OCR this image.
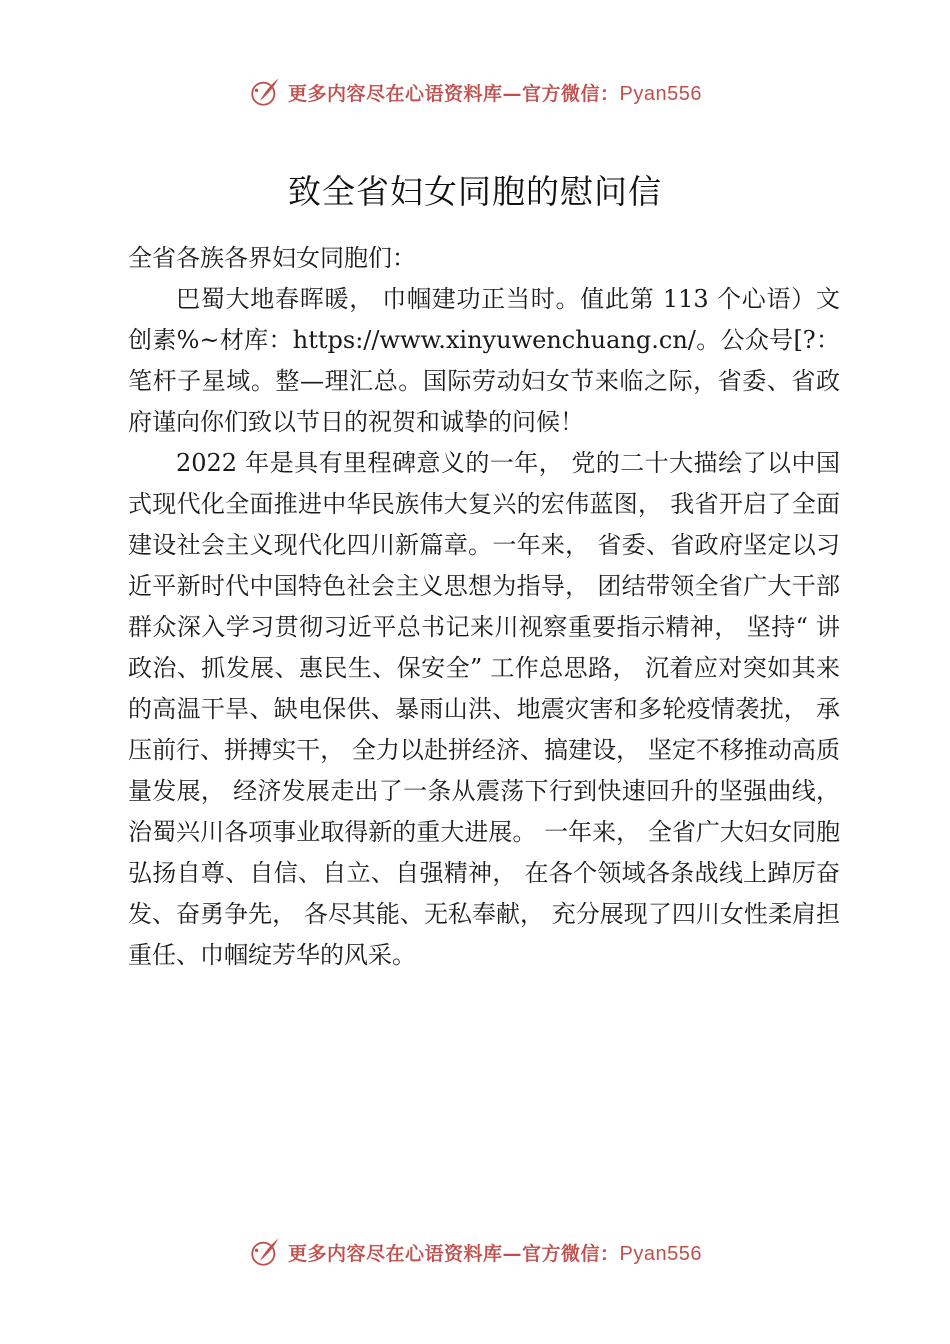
更多内容尽在心语资料库—官方微信：Pyan556
致全省妇女同胞的慰问信

全省各族各界妇女同胞们：

巴蜀大地春晖暖， 巾帼建功正当时。值此第 113 个心语）文创素%~材库：https://www.xinyuwenchuang.cn/。公众号[?：笔杆子星域。整—理汇总。国际劳动妇女节来临之际，省委、省政府谨向你们致以节日的祝贺和诚挚的问候！

2022 年是具有里程碑意义的一年， 党的二十大描绘了以中国式现代化全面推进中华民族伟大复兴的宏伟蓝图， 我省开启了全面建设社会主义现代化四川新篇章。一年来， 省委、省政府坚定以习近平新时代中国特色社会主义思想为指导， 团结带领全省广大干部群众深入学习贯彻习近平总书记来川视察重要指示精神， 坚持“ 讲政治、抓发展、惠民生、保安全” 工作总思路， 沉着应对突如其来的高温干旱、缺电保供、暴雨山洪、地震灾害和多轮疫情袭扰， 承压前行、拼搏实干， 全力以赴拼经济、搞建设， 坚定不移推动高质量发展， 经济发展走出了一条从震荡下行到快速回升的坚强曲线，治蜀兴川各项事业取得新的重大进展。 一年来， 全省广大妇女同胞弘扬自尊、自信、自立、自强精神， 在各个领域各条战线上踔厉奋发、奋勇争先， 各尽其能、无私奉献， 充分展现了四川女性柔肩担重任、巾帼绽芳华的风采。

更多内容尽在心语资料库—官方微信：Pyan556
